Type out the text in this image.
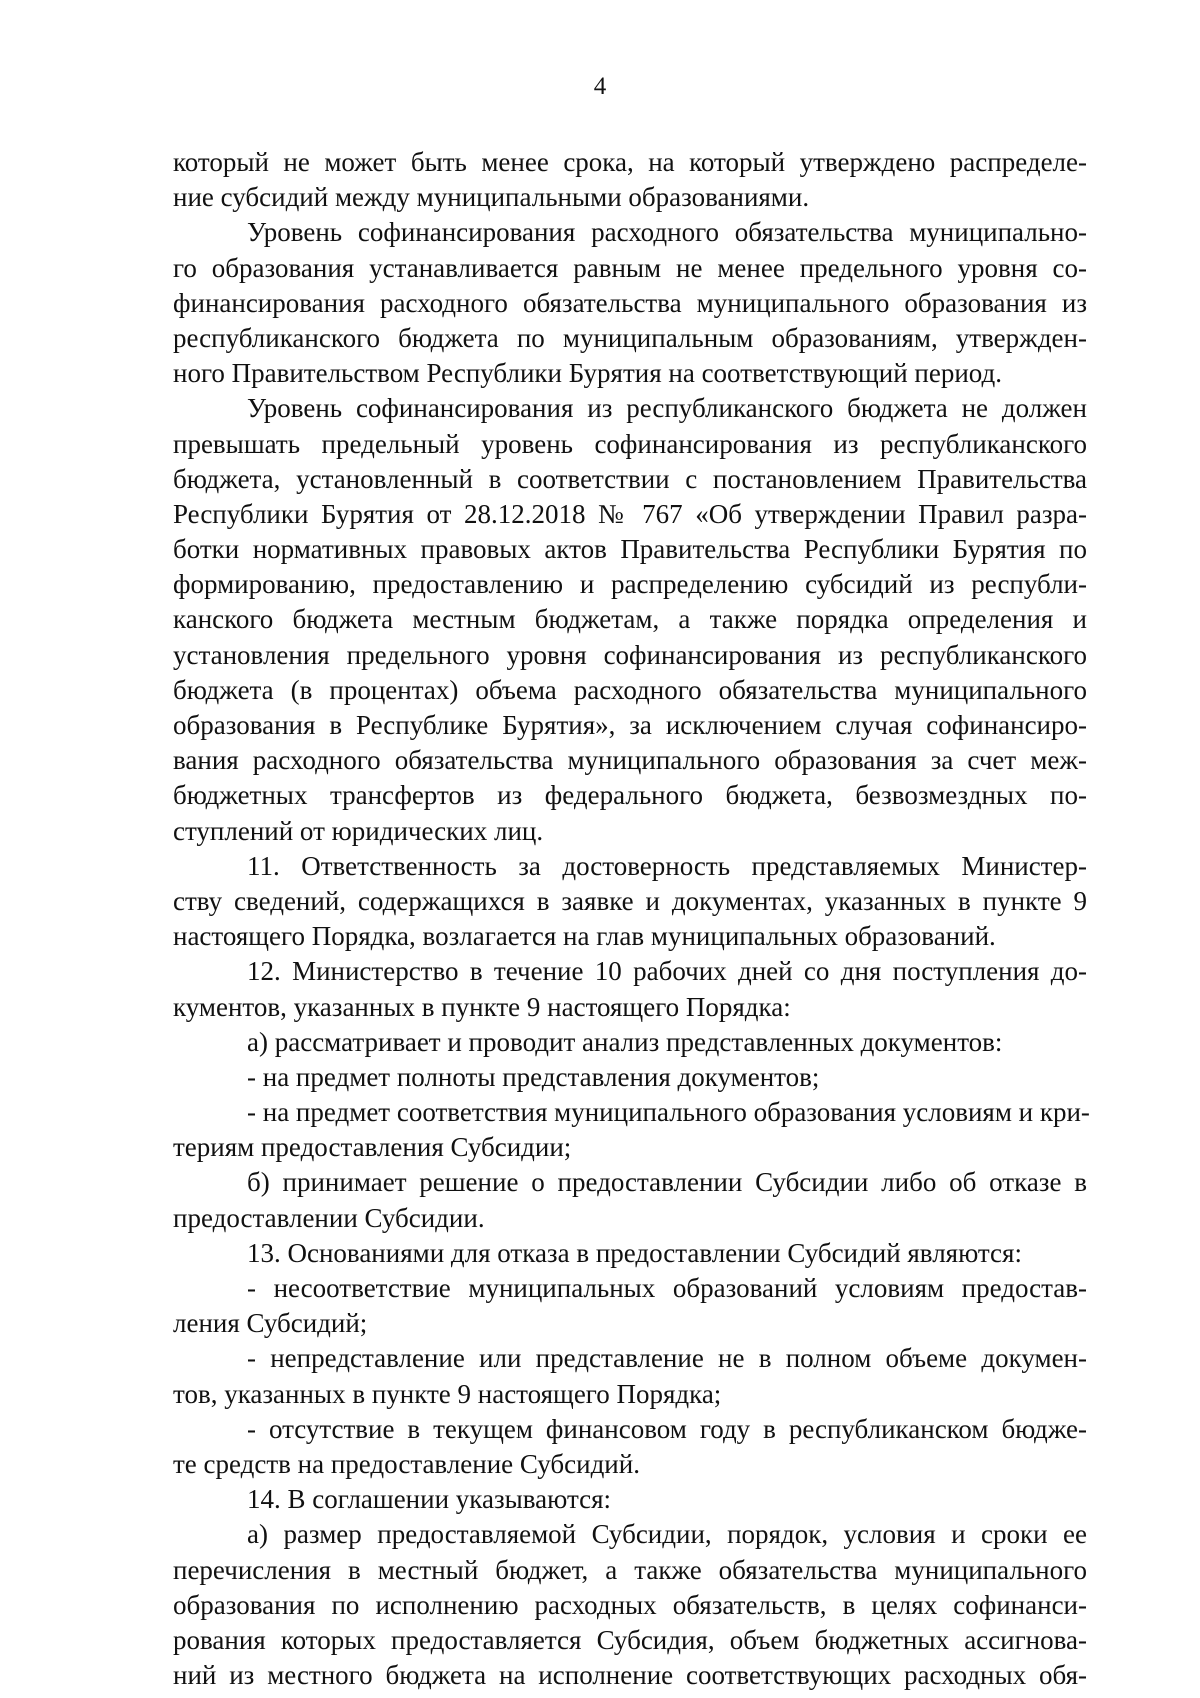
4
который не может быть менее срока, на который утверждено распределе-
ние субсидий между муниципальными образованиями.
Уровень софинансирования расходного обязательства муниципально-
го образования устанавливается равным не менее предельного уровня со-
финансирования расходного обязательства муниципального образования из
республиканского бюджета по муниципальным образованиям, утвержден-
ного Правительством Республики Бурятия на соответствующий период.
Уровень софинансирования из республиканского бюджета не должен
превышать предельный уровень софинансирования из республиканского
бюджета, установленный в соответствии с постановлением Правительства
Республики Бурятия от 28.12.2018 № 767 «Об утверждении Правил разра-
ботки нормативных правовых актов Правительства Республики Бурятия по
формированию, предоставлению и распределению субсидий из республи-
канского бюджета местным бюджетам, а также порядка определения и
установления предельного уровня софинансирования из республиканского
бюджета (в процентах) объема расходного обязательства муниципального
образования в Республике Бурятия», за исключением случая софинансиро-
вания расходного обязательства муниципального образования за счет меж-
бюджетных трансфертов из федерального бюджета, безвозмездных по-
ступлений от юридических лиц.
11. Ответственность за достоверность представляемых Министер-
ству сведений, содержащихся в заявке и документах, указанных в пункте 9
настоящего Порядка, возлагается на глав муниципальных образований.
12. Министерство в течение 10 рабочих дней со дня поступления до-
кументов, указанных в пункте 9 настоящего Порядка:
а) рассматривает и проводит анализ представленных документов:
- на предмет полноты представления документов;
- на предмет соответствия муниципального образования условиям и кри-
териям предоставления Субсидии;
б) принимает решение о предоставлении Субсидии либо об отказе в
предоставлении Субсидии.
13. Основаниями для отказа в предоставлении Субсидий являются:
- несоответствие муниципальных образований условиям предостав-
ления Субсидий;
- непредставление или представление не в полном объеме докумен-
тов, указанных в пункте 9 настоящего Порядка;
- отсутствие в текущем финансовом году в республиканском бюдже-
те средств на предоставление Субсидий.
14. В соглашении указываются:
а) размер предоставляемой Субсидии, порядок, условия и сроки ее
перечисления в местный бюджет, а также обязательства муниципального
образования по исполнению расходных обязательств, в целях софинанси-
рования которых предоставляется Субсидия, объем бюджетных ассигнова-
ний из местного бюджета на исполнение соответствующих расходных обя-
